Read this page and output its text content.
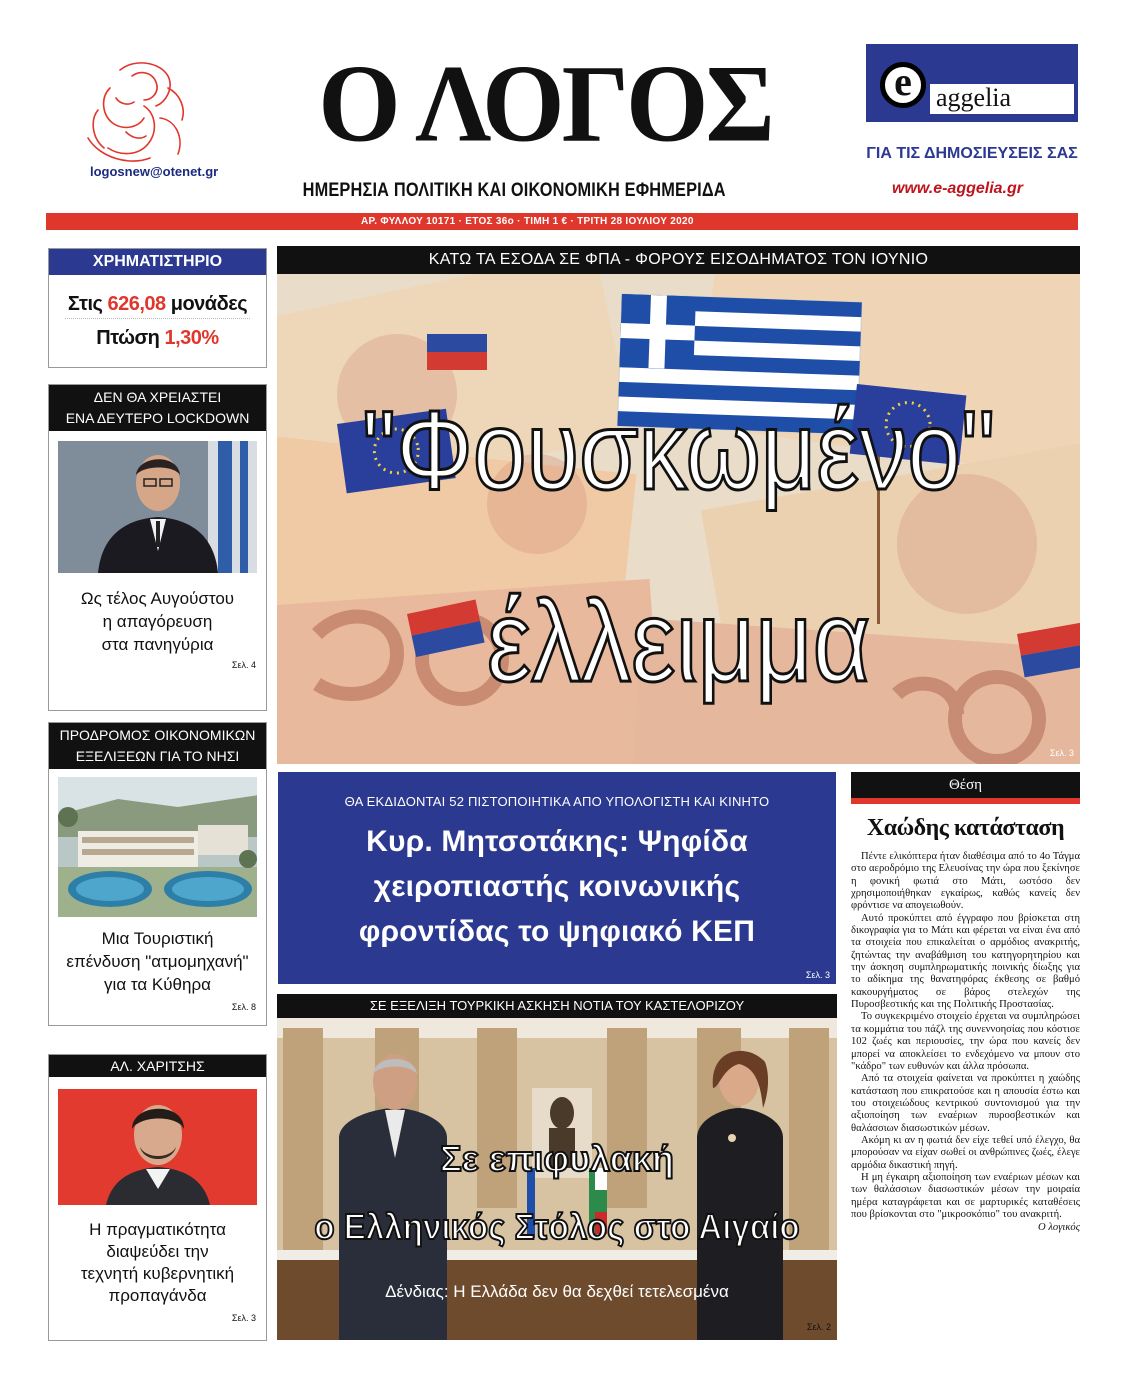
logosnew@otenet.gr
Ο ΛΟΓΟΣ
ΗΜΕΡΗΣΙΑ ΠΟΛΙΤΙΚΗ ΚΑΙ ΟΙΚΟΝΟΜΙΚΗ ΕΦΗΜΕΡΙΔΑ
e aggelia
ΓΙΑ ΤΙΣ ΔΗΜΟΣΙΕΥΣΕΙΣ ΣΑΣ
www.e-aggelia.gr
ΑΡ. ΦΥΛΛΟΥ 10171 · ΕΤΟΣ 36ο · ΤΙΜΗ 1 € · ΤΡΙΤΗ 28 ΙΟΥΛΙΟΥ 2020
ΧΡΗΜΑΤΙΣΤΗΡΙΟ
Στις 626,08 μονάδες
Πτώση 1,30%
ΔΕΝ ΘΑ ΧΡΕΙΑΣΤΕΙ
ΕΝΑ ΔΕΥΤΕΡΟ LOCKDOWN
Ως τέλος Αυγούστου
η απαγόρευση
στα πανηγύρια
Σελ. 4
ΠΡΟΔΡΟΜΟΣ ΟΙΚΟΝΟΜΙΚΩΝ
ΕΞΕΛΙΞΕΩΝ ΓΙΑ ΤΟ ΝΗΣΙ
Μια Τουριστική
επένδυση "ατμομηχανή"
για τα Κύθηρα
Σελ. 8
ΑΛ. ΧΑΡΙΤΣΗΣ
Η πραγματικότητα
διαψεύδει την
τεχνητή κυβερνητική
προπαγάνδα
Σελ. 3
ΚΑΤΩ ΤΑ ΕΣΟΔΑ ΣΕ ΦΠΑ - ΦΟΡΟΥΣ ΕΙΣΟΔΗΜΑΤΟΣ ΤΟΝ ΙΟΥΝΙΟ
"Φουσκωμένο"
έλλειμμα
Σελ. 3
ΘΑ ΕΚΔΙΔΟΝΤΑΙ 52 ΠΙΣΤΟΠΟΙΗΤΙΚΑ ΑΠΟ ΥΠΟΛΟΓΙΣΤΗ ΚΑΙ ΚΙΝΗΤΟ
Κυρ. Μητσοτάκης: Ψηφίδα
χειροπιαστής κοινωνικής
φροντίδας το ψηφιακό ΚΕΠ
Σελ. 3
ΣΕ ΕΞΕΛΙΞΗ ΤΟΥΡΚΙΚΗ ΑΣΚΗΣΗ ΝΟΤΙΑ ΤΟΥ ΚΑΣΤΕΛΟΡΙΖΟΥ
Σε επιφυλακή
ο Ελληνικός Στόλος στο Αιγαίο
Δένδιας: Η Ελλάδα δεν θα δεχθεί τετελεσμένα
Σελ. 2
Θέση
Χαώδης κατάσταση

Πέντε ελικόπτερα ήταν διαθέσιμα από το 4ο Τάγμα στο αεροδρόμιο της Ελευσίνας την ώρα που ξεκίνησε η φονική φωτιά στο Μάτι, ωστόσο δεν χρησιμοποιήθηκαν εγκαίρως, καθώς κανείς δεν φρόντισε να απογειωθούν.

Αυτό προκύπτει από έγγραφο που βρίσκεται στη δικογραφία για το Μάτι και φέρεται να είναι ένα από τα στοιχεία που επικαλείται ο αρμόδιος ανακριτής, ζητώντας την αναβάθμιση του κατηγορητηρίου και την άσκηση συμπληρωματικής ποινικής δίωξης για το αδίκημα της θανατηφόρας έκθεσης σε βαθμό κακουργήματος σε βάρος στελεχών της Πυροσβεστικής και της Πολιτικής Προστασίας.

Το συγκεκριμένο στοιχείο έρχεται να συμπληρώσει τα κομμάτια του πάζλ της συνεννοησίας που κόστισε 102 ζωές και περιουσίες, την ώρα που κανείς δεν μπορεί να αποκλείσει το ενδεχόμενο να μπουν στο "κάδρο" των ευθυνών και άλλα πρόσωπα.

Από τα στοιχεία φαίνεται να προκύπτει η χαώδης κατάσταση που επικρατούσε και η απουσία έστω και του στοιχειώδους κεντρικού συντονισμού για την αξιοποίηση των εναέριων πυροσβεστικών και θαλάσσιων διασωστικών μέσων.

Ακόμη κι αν η φωτιά δεν είχε τεθεί υπό έλεγχο, θα μπορούσαν να είχαν σωθεί οι ανθρώπινες ζωές, έλεγε αρμόδια δικαστική πηγή.

Η μη έγκαιρη αξιοποίηση των εναέριων μέσων και των θαλάσσιων διασωστικών μέσων την μοιραία ημέρα καταγράφεται και σε μαρτυρικές καταθέσεις που βρίσκονται στο "μικροσκόπιο" του ανακριτή.

Ο λογικός
